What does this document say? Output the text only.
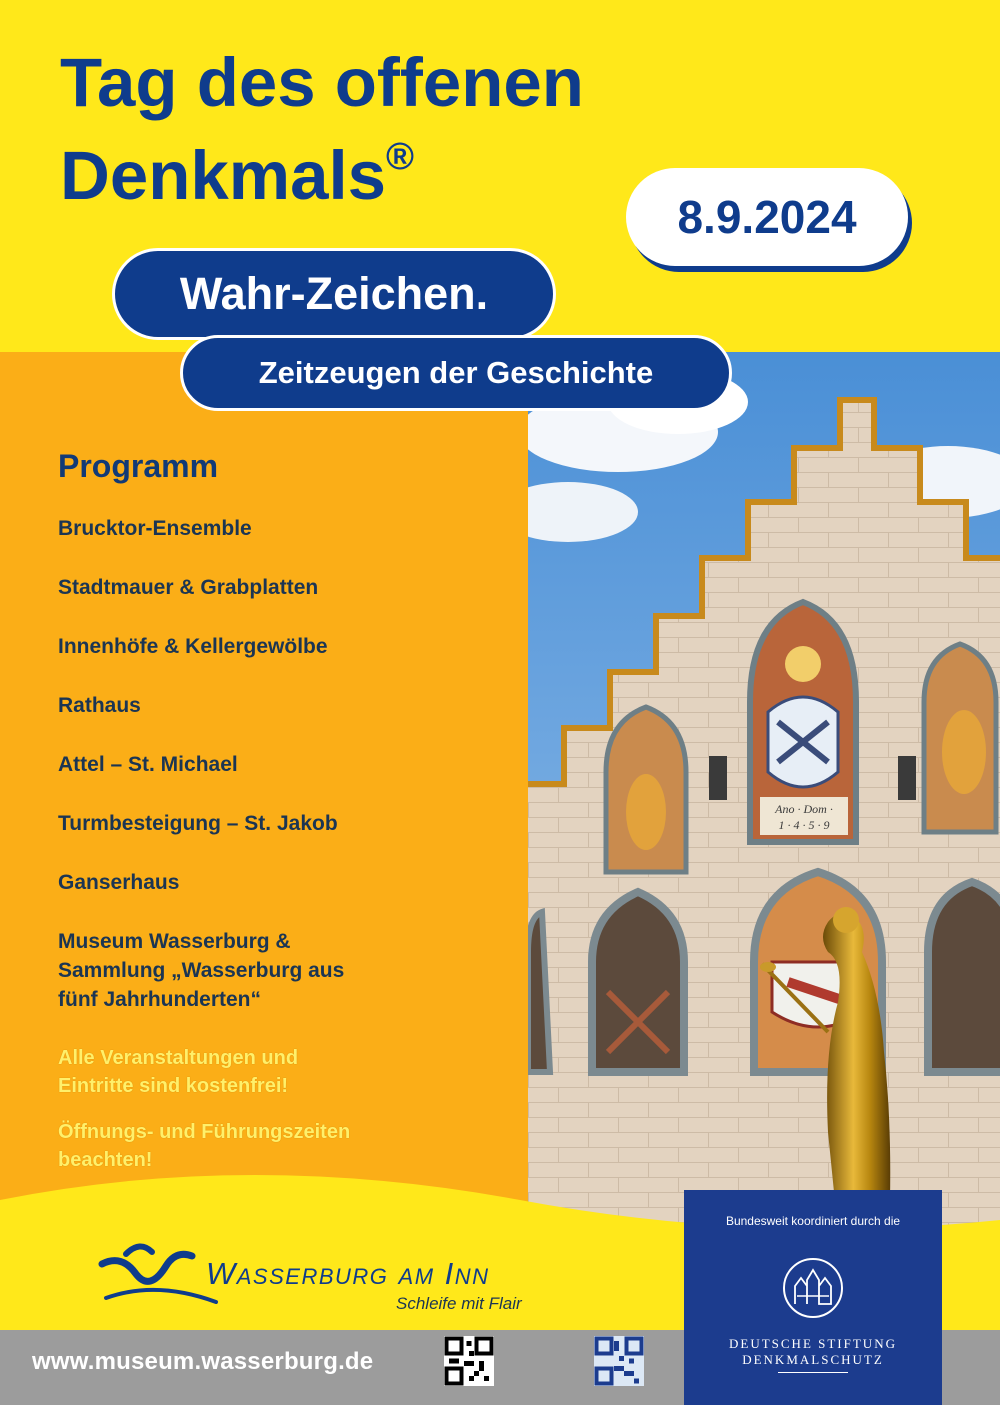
Ano · Dom ·
1 · 4 · 5 · 9
Tag des offenen
Denkmals®
8.9.2024
Wahr-Zeichen.
Zeitzeugen der Geschichte
Programm
Brucktor-Ensemble
Stadtmauer & Grabplatten
Innenhöfe & Kellergewölbe
Rathaus
Attel – St. Michael
Turmbesteigung – St. Jakob
Ganserhaus
Museum Wasserburg &
Sammlung „Wasserburg aus
fünf Jahrhunderten“

Alle Veranstaltungen und
Eintritte sind kostenfrei!

Öffnungs- und Führungszeiten
beachten!

Wasserburg am Inn
Schleife mit Flair
www.museum.wasserburg.de
Bundesweit koordiniert durch die
DEUTSCHE STIFTUNG
DENKMALSCHUTZ
